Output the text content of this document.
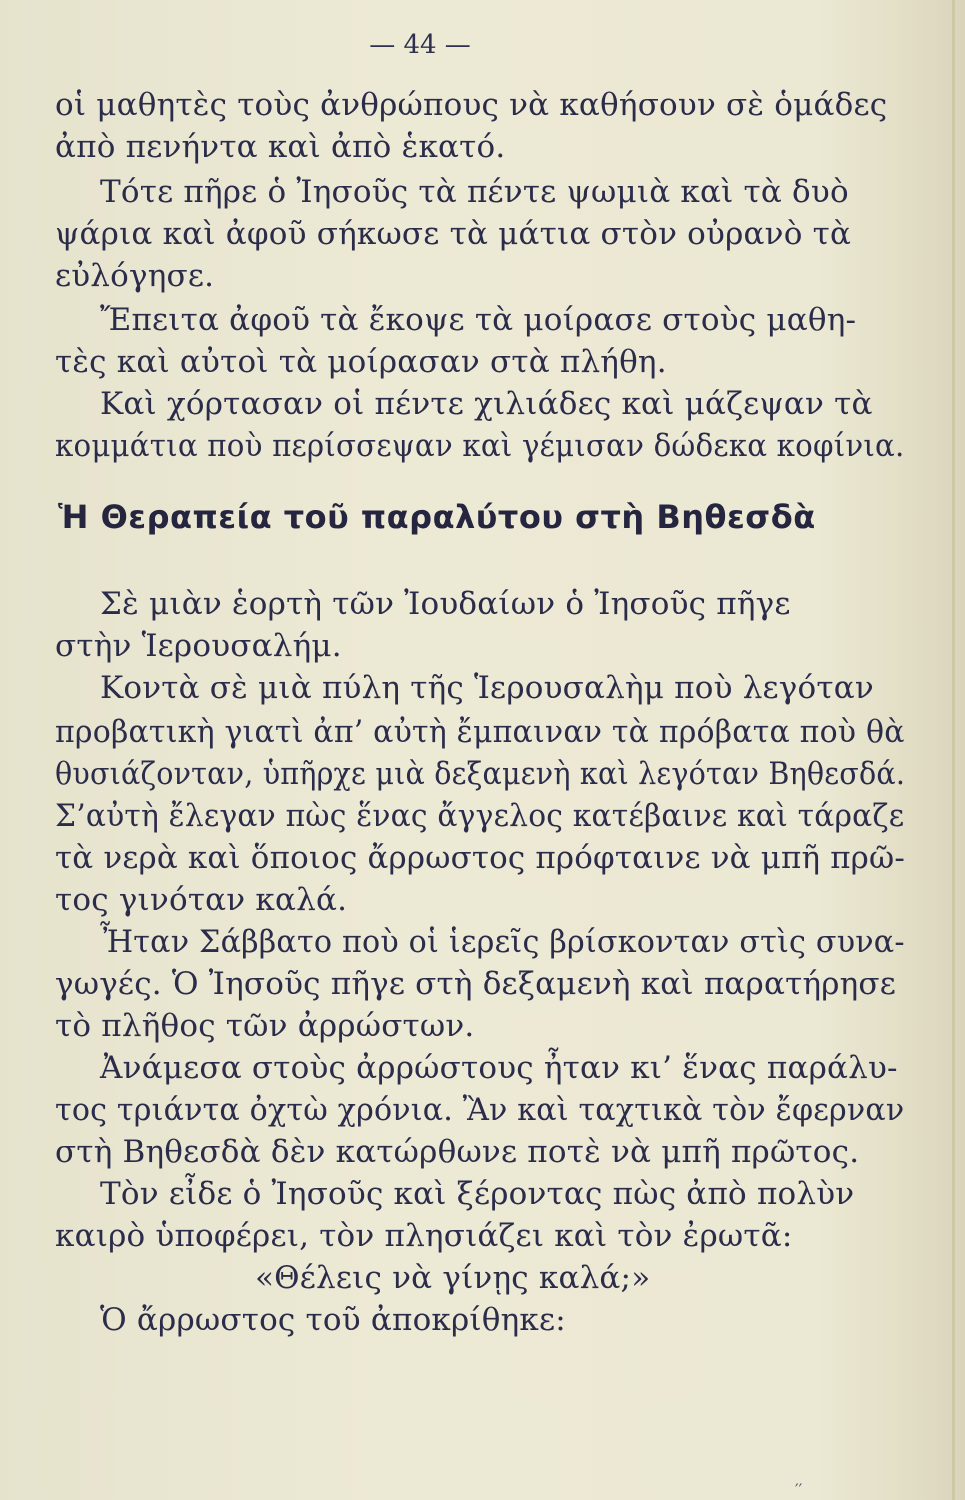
— 44 —
οἱ μαθητὲς τοὺς ἀνθρώπους νὰ καθήσουν σὲ ὁμάδες
ἀπὸ πενήντα καὶ ἀπὸ ἑκατό.
Τότε πῆρε ὁ Ἰησοῦς τὰ πέντε ψωμιὰ καὶ τὰ δυὸ
ψάρια καὶ ἀφοῦ σήκωσε τὰ μάτια στὸν οὐρανὸ τὰ
εὐλόγησε.
Ἔπειτα ἀφοῦ τὰ ἔκοψε τὰ μοίρασε στοὺς μαθη-
τὲς καὶ αὐτοὶ τὰ μοίρασαν στὰ πλήθη.
Καὶ χόρτασαν οἱ πέντε χιλιάδες καὶ μάζεψαν τὰ
κομμάτια ποὺ περίσσεψαν καὶ γέμισαν δώδεκα κοφίνια.
Ἡ Θεραπεία τοῦ παραλύτου στὴ Βηθεσδὰ
Σὲ μιὰν ἑορτὴ τῶν Ἰουδαίων ὁ Ἰησοῦς πῆγε
στὴν Ἱερουσαλήμ.
Κοντὰ σὲ μιὰ πύλη τῆς Ἱερουσαλὴμ ποὺ λεγόταν
προβατικὴ γιατὶ ἀπ’ αὐτὴ ἔμπαιναν τὰ πρόβατα ποὺ θὰ
θυσιάζονταν, ὑπῆρχε μιὰ δεξαμενὴ καὶ λεγόταν Βηθεσδά.
Σ’αὐτὴ ἔλεγαν πὼς ἕνας ἄγγελος κατέβαινε καὶ τάραζε
τὰ νερὰ καὶ ὅποιος ἄρρωστος πρόφταινε νὰ μπῆ πρῶ-
τος γινόταν καλά.
Ἦταν Σάββατο ποὺ οἱ ἱερεῖς βρίσκονταν στὶς συνα-
γωγές. Ὁ Ἰησοῦς πῆγε στὴ δεξαμενὴ καὶ παρατήρησε
τὸ πλῆθος τῶν ἀρρώστων.
Ἀνάμεσα στοὺς ἀρρώστους ἦταν κι’ ἕνας παράλυ-
τος τριάντα ὀχτὼ χρόνια. Ἂν καὶ ταχτικὰ τὸν ἔφερναν
στὴ Βηθεσδὰ δὲν κατώρθωνε ποτὲ νὰ μπῆ πρῶτος.
Τὸν εἶδε ὁ Ἰησοῦς καὶ ξέροντας πὼς ἀπὸ πολὺν
καιρὸ ὑποφέρει, τὸν πλησιάζει καὶ τὸν ἐρωτᾶ:
«Θέλεις νὰ γίνῃς καλά;»
Ὁ ἄρρωστος τοῦ ἀποκρίθηκε:
′′
